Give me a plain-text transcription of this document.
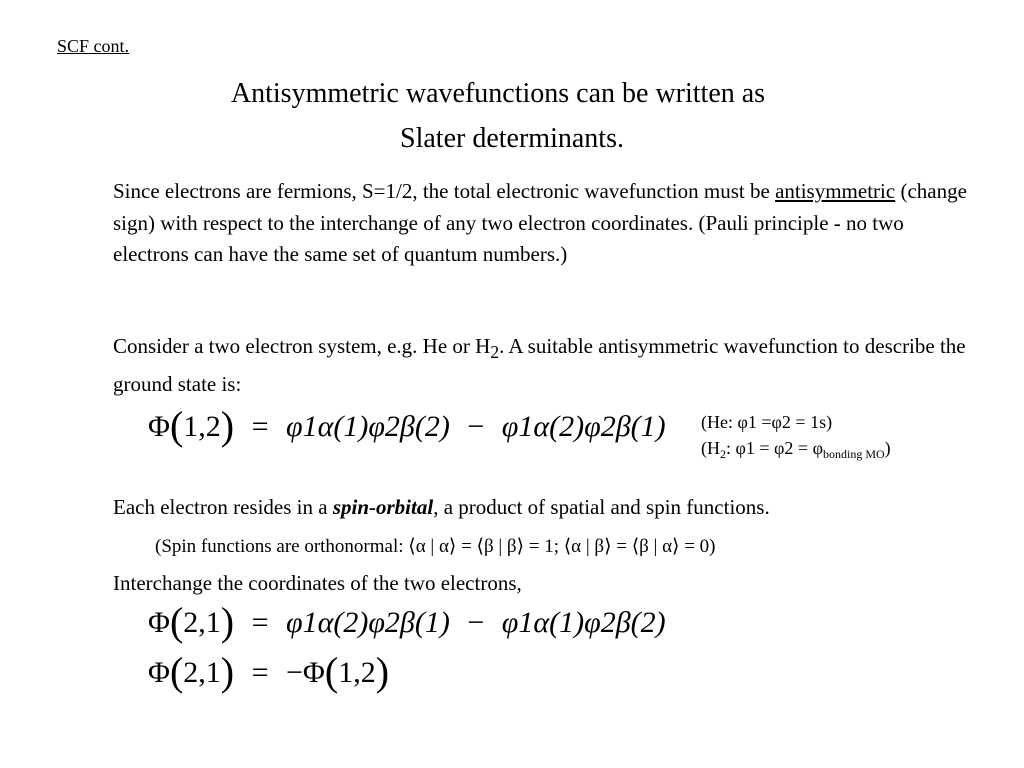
SCF cont.
Antisymmetric wavefunctions can be written as
Slater determinants.
Since electrons are fermions, S=1/2, the total electronic wavefunction must be antisymmetric (change sign) with respect to the interchange of any two electron coordinates. (Pauli principle - no two electrons can have the same set of quantum numbers.)
Consider a two electron system, e.g. He or $H_2$. A suitable antisymmetric wavefunction to describe the ground state is:
Φ(1,2) = φ1α(1)φ2β(2) − φ1α(2)φ2β(1) (He: φ1 =φ2 = 1s)
($H_2$: $\varphi 1 = \varphi 2 = \varphi_{bonding MO}$)
Each electron resides in a spin-orbital, a product of spatial and spin functions.
(Spin functions are orthonormal: ⟨α | α⟩ = ⟨β | β⟩ = 1; ⟨α | β⟩ = ⟨β | α⟩ = 0)
Interchange the coordinates of the two electrons,
Φ(2,1) = φ1α(2)φ2β(1) − φ1α(1)φ2β(2)
Φ(2,1) = −Φ(1,2)
